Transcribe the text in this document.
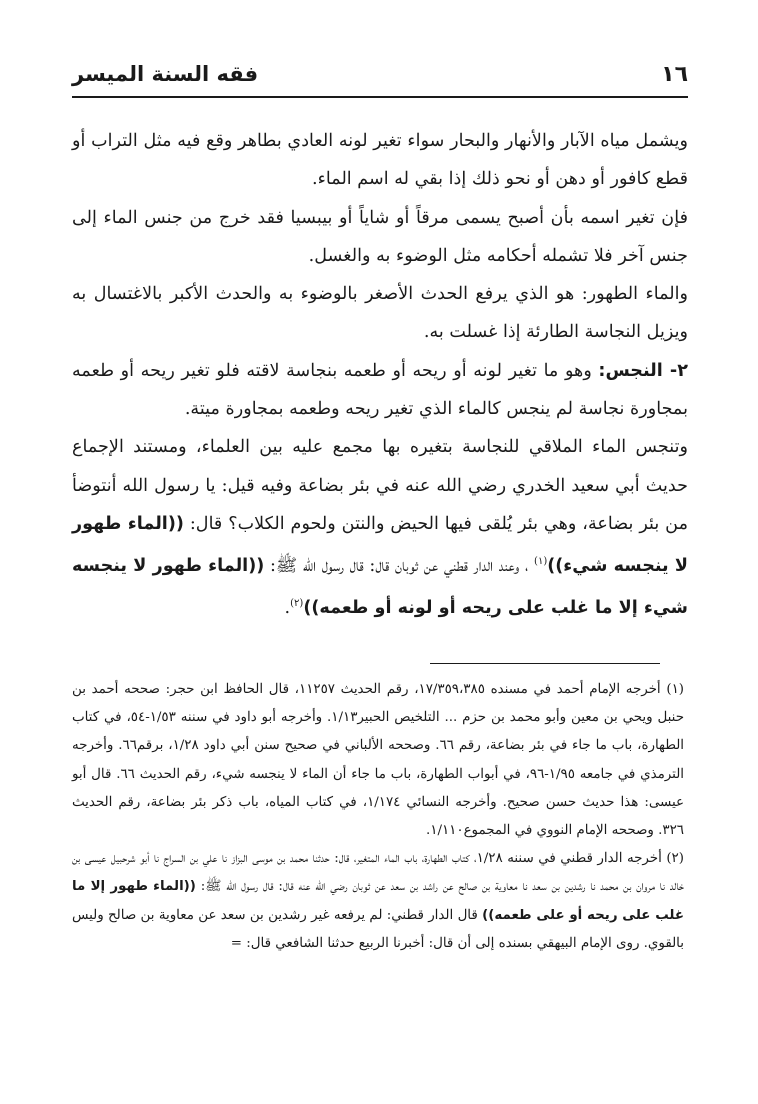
١٦
فقه السنة الميسر

ويشمل مياه الآبار والأنهار والبحار سواء تغير لونه العادي بطاهر وقع فيه مثل التراب أو قطع كافور أو دهن أو نحو ذلك إذا بقي له اسم الماء.

فإن تغير اسمه بأن أصبح يسمى مرقاً أو شاياً أو بيبسيا فقد خرج من جنس الماء إلى جنس آخر فلا تشمله أحكامه مثل الوضوء به والغسل.

والماء الطهور: هو الذي يرفع الحدث الأصغر بالوضوء به والحدث الأكبر بالاغتسال به ويزيل النجاسة الطارئة إذا غسلت به.

٢- النجس: وهو ما تغير لونه أو ريحه أو طعمه بنجاسة لاقته فلو تغير ريحه أو طعمه بمجاورة نجاسة لم ينجس كالماء الذي تغير ريحه وطعمه بمجاورة ميتة.

وتنجس الماء الملاقي للنجاسة بتغيره بها مجمع عليه بين العلماء، ومستند الإجماع حديث أبي سعيد الخدري رضي الله عنه في بئر بضاعة وفيه قيل: يا رسول الله أنتوضأ من بئر بضاعة، وهي بئر يُلقى فيها الحيض والنتن ولحوم الكلاب؟ قال: ((الماء طهور لا ينجسه شيء))$^{(١)}$ ، وعند الدار قطني عن ثوبان قال: قال رسول الله ﷺ: ((الماء طهور لا ينجسه شيء إلا ما غلب على ريحه أو لونه أو طعمه))$^{(٢)}$.

(١) أخرجه الإمام أحمد في مسنده ١٧/٣٥٩،٣٨٥، رقم الحديث ١١٢٥٧، قال الحافظ ابن حجر: صححه أحمد بن حنبل ويحي بن معين وأبو محمد بن حزم ... التلخيص الحبير١/١٣. وأخرجه أبو داود في سننه ١/٥٣-٥٤، في كتاب الطهارة، باب ما جاء في بئر بضاعة، رقم ٦٦. وصححه الألباني في صحيح سنن أبي داود ١/٢٨، برقم٦٦. وأخرجه الترمذي في جامعه ١/٩٥-٩٦، في أبواب الطهارة، باب ما جاء أن الماء لا ينجسه شيء، رقم الحديث ٦٦. قال أبو عيسى: هذا حديث حسن صحيح. وأخرجه النسائي ١/١٧٤، في كتاب المياه، باب ذكر بئر بضاعة، رقم الحديث ٣٢٦. وصححه الإمام النووي في المجموع١/١١٠.

(٢) أخرجه الدار قطني في سننه ١/٢٨، كتاب الطهارة، باب الماء المتغير، قال: حدثنا محمد بن موسى البزاز نا علي بن السراج نا أبو شرحبيل عيسى بن خالد نا مروان بن محمد نا رشدين بن سعد نا معاوية بن صالح عن راشد بن سعد عن ثوبان رضي الله عنه قال: قال رسول الله ﷺ: ((الماء طهور إلا ما غلب على ريحه أو على طعمه)) قال الدار قطني: لم يرفعه غير رشدين بن سعد عن معاوية بن صالح وليس بالقوي. روى الإمام البيهقي بسنده إلى أن قال: أخبرنا الربيع حدثنا الشافعي قال: =
